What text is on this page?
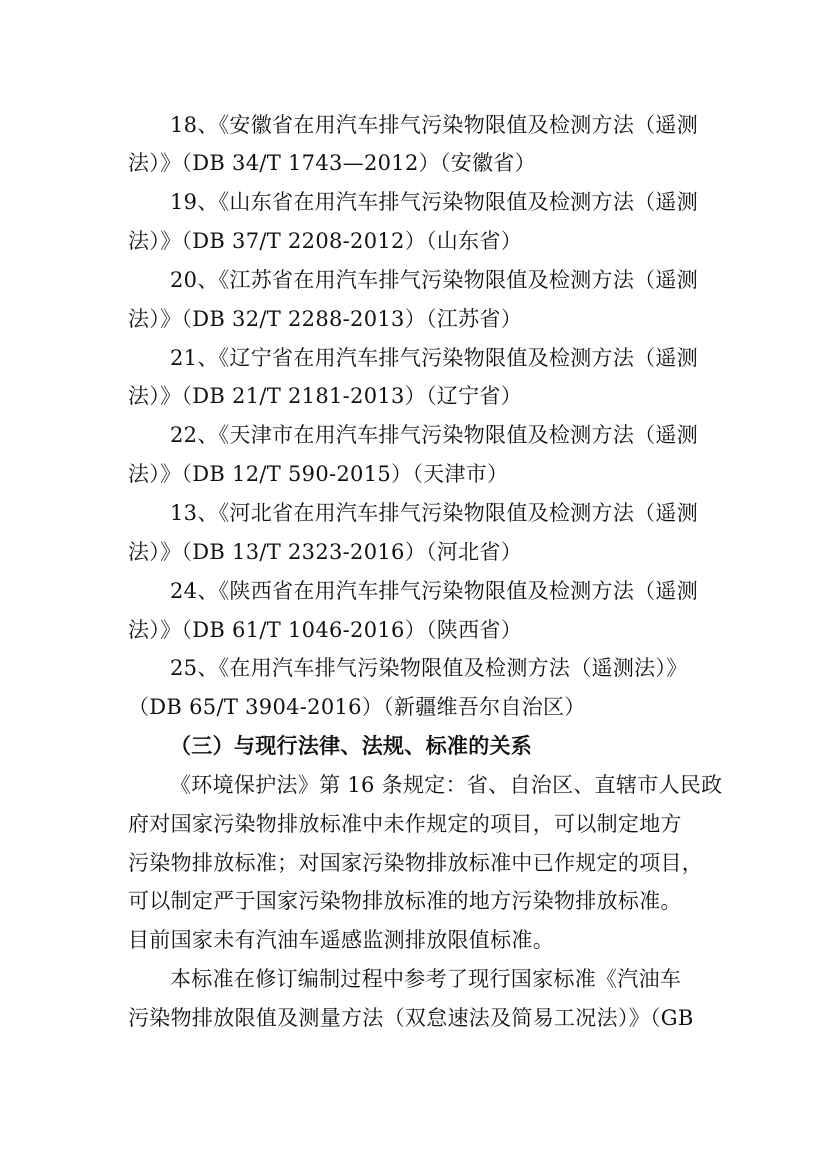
18、《安徽省在用汽车排气污染物限值及检测方法（遥测
法）》（DB 34/T 1743—2012）（安徽省）
19、《山东省在用汽车排气污染物限值及检测方法（遥测
法）》（DB 37/T 2208-2012）（山东省）
20、《江苏省在用汽车排气污染物限值及检测方法（遥测
法）》（DB 32/T 2288-2013）（江苏省）
21、《辽宁省在用汽车排气污染物限值及检测方法（遥测
法）》（DB 21/T 2181-2013）（辽宁省）
22、《天津市在用汽车排气污染物限值及检测方法（遥测
法）》（DB 12/T 590-2015）（天津市）
13、《河北省在用汽车排气污染物限值及检测方法（遥测
法）》（DB 13/T 2323-2016）（河北省）
24、《陕西省在用汽车排气污染物限值及检测方法（遥测
法）》（DB 61/T 1046-2016）（陕西省）
25、《在用汽车排气污染物限值及检测方法（遥测法）》
（DB 65/T 3904-2016）（新疆维吾尔自治区）
（三）与现行法律、法规、标准的关系
《环境保护法》第 16 条规定：省、自治区、直辖市人民政
府对国家污染物排放标准中未作规定的项目，可以制定地方
污染物排放标准；对国家污染物排放标准中已作规定的项目，
可以制定严于国家污染物排放标准的地方污染物排放标准。
目前国家未有汽油车遥感监测排放限值标准。
本标准在修订编制过程中参考了现行国家标准《汽油车
污染物排放限值及测量方法（双怠速法及简易工况法）》（GB
